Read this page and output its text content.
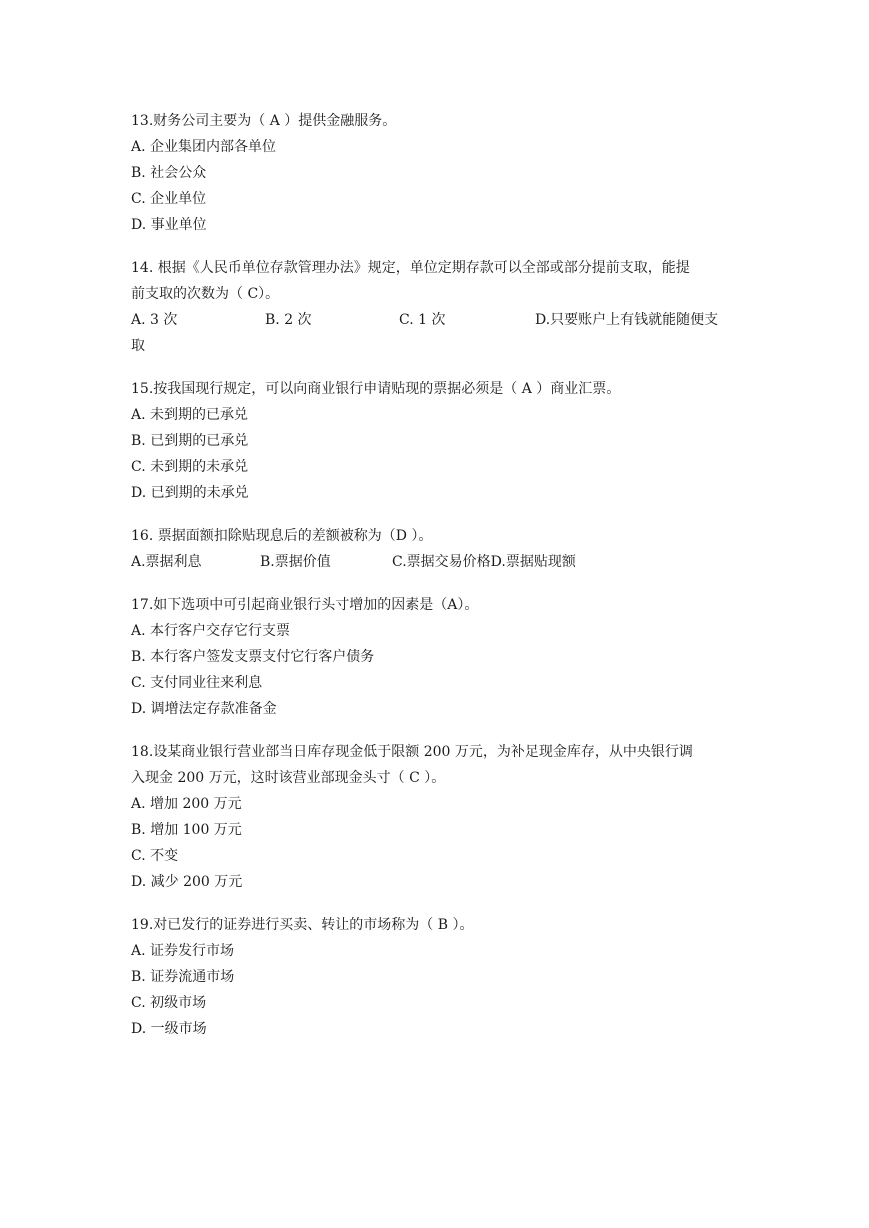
13.财务公司主要为（ A ）提供金融服务。
A. 企业集团内部各单位
B. 社会公众
C. 企业单位
D. 事业单位
14. 根据《人民币单位存款管理办法》规定，单位定期存款可以全部或部分提前支取，能提
前支取的次数为（ C）。
A. 3 次	B. 2 次	C. 1 次	D.只要账户上有钱就能随便支
取
15.按我国现行规定，可以向商业银行申请贴现的票据必须是（ A ）商业汇票。
A. 未到期的已承兑
B. 已到期的已承兑
C. 未到期的未承兑
D. 已到期的未承兑
16. 票据面额扣除贴现息后的差额被称为（D ）。
A.票据利息	B.票据价值	C.票据交易价格 D.票据贴现额
17.如下选项中可引起商业银行头寸增加的因素是（A）。
A. 本行客户交存它行支票
B. 本行客户签发支票支付它行客户债务
C. 支付同业往来利息
D. 调增法定存款准备金
18.设某商业银行营业部当日库存现金低于限额 200 万元，为补足现金库存，从中央银行调
入现金 200 万元，这时该营业部现金头寸（ C ）。
A. 增加 200 万元
B. 增加 100 万元
C. 不变
D. 减少 200 万元
19.对已发行的证券进行买卖、转让的市场称为（ B ）。
A. 证券发行市场
B. 证券流通市场
C. 初级市场
D. 一级市场
